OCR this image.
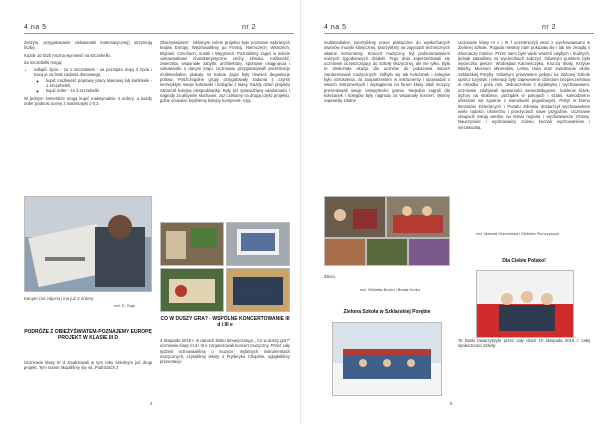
4 na 5	nr 2

zeszytu, przygotowanie ciekawostki matematycznej) otrzymują liczbę.

Każde 10 liczb można wymienić na szczebelki.

Za szczebelki mogą:

• odłupić życie - za 1 szczebelek - na początku mają 3 życia i tracą je za brak zadania domowego,
◦ kupić możliwość poprawy pracy klasowej lub kartkówki - 1 szczebelek,
◦ kupić order - za 3 szczebelki.

W jednym semestrze mogą kupić maksymalnie 4 ordery, a każdy order podnosi ocenę z matematyki o 0,3.

Kacper (na zdjęciu) ma już 2 ordery.
red. E. Saja
PODRÓŻE Z OBIEŻYŚWIATEM-POZNAJEMY EUROPĘ PROJEKT W KLASIE III D

Uczniowie klasy III d zrealizowali w tym roku szkolnym już drugi projekt. Tym razem skupiliśmy się na „Podróżach z

Obieżyświatem”. Głównym celem projektu było poznanie wybranych krajów Europy. Wędrowaliśmy po Francji, Niemczech, Włoszech, Brytanii, Czechach, Austrii i Węgrzech. Poznaliśmy zajęci w sekcie ciekawostkami charakterystyczne cechy klimatu, roślinność, zwierzęta, wspaniałe zabytki, architekturę, sportowe osiągnięcia i ciekawostki o danym kraju. Uczniowie przygotowywali prezentacje multimedialne, plakaty. W trakcie zajęć były również degustacje potraw. Poszczególne grupy przygotowały zadania z czymś niezwykłym swoje koleżanki i kolegów z klasy. Każdy dzień projektu zamocził kolejną niespodziankę. Były też sprawdziany wiadomości i nagrody za aktywne słuchanie. Już czekamy na drugą część projektu, gdzie omawiać będziemy kolejny kontynent- Azję.

red. Wioletta Bućko
CO W DUSZY GRA? - WSPÓLNE KONCERTOWANIE III d i III e

4 listopada 2016 r. w ramach bloku tematycznego „ Co w duszy gra?” uczniowie klasy III d i III e zorganizowali koncert muzyczny. Przez cały tydzień rozmawialiśmy o muzyce: wybitnych instrumentach muzycznych, czytaliśmy teksty o Fryderyku Chopinie, oglądaliśmy prezentacje

4
4 na 5	nr 2

multimedialne, tworzyliśmy prace plastyczne do wysłuchanych utworów muzyki klasycznej, tworzyliśmy na zajęciach technicznych własne instrumenty. Koncert muzyczny był podsumowaniem naszych tygodniowych działań. Tego dnia zaprezentowali się uczniowie uczęszczający do Szkoły Muzycznej, ale nie tylko. Była to doskonała okazja dla uczniów do pokazania swoich zainteresowań muzycznych. Odbyło się tak koleżanek i kolegów było wzruszenia, za zaopatrzeniem w instrumenty i opowiadali o swoich instrumentach i wystąpienia na forum klasy. Mali muzycy prezentowali swoje umiejętności grania. Niejedno zagrali dla koleżanek i kolegów były nagrodą za wspaniały koncert. Wiemy naprawdę zdolne

dzieci.

red. Wioletta Bućko i Beata Horko
Zielona Szkoła w Szklarskiej Porębie

Uczniowie klasy III c i III f uczestniczyli wraz z wychowawcami w Zielonej Szkole. Pogoda niestety nam pokazała się i tak nie zmajdą ć dzieciaczę rodzice. Przez nami było wiele wrażeń ciepłych i trudnych, jednak staraliśmy na wycieczkach zaliczyć. Głównym punktem było wycieczka piesze: Wodospad Kamieńczyka, Kruczą Skały, Krzywe Baszty, Muzeum Mineralów, Leśna Huta oraz zwiedzanie okolic Szklarskiej Poręby. Głównym priorytetem pobytu na Zielonej Szkole oprócz turystyki i rekreacji były zapewnienie dzieciom bezpieczeństwa w ośrodku i poza nim. Jednocześnie z dydaktyką i wychowaniem. uczniowie zdobywali sprawności samoobsługowe: ścielenie łóżek, dyżury na stołówce, porządek w pokojach i szatni, samodzielne ubieranie się zgodnie z warunkami pogodowymi. Pobyt w Domu Wczasów Dziecięcych i Portalu Zdrowia dostarczył wychowankom wiele radości, uśmiechu i przeżyciach nowe przyjaźnie. Uczniowie ubogacili swoją wiedzę na temat regionu i wychowawcze zmiany. Nauczyciele i wychowawcy znowu kochali wychowanków i niezawodną.

red. Mariola Grzesińska i Elżbieta Pieńczyszyn
Dla Ciebie Polsko!

To hasło towarzyszyło przez cały dzień 10 listopada 2016 r. całej społeczności Szkoły

5
